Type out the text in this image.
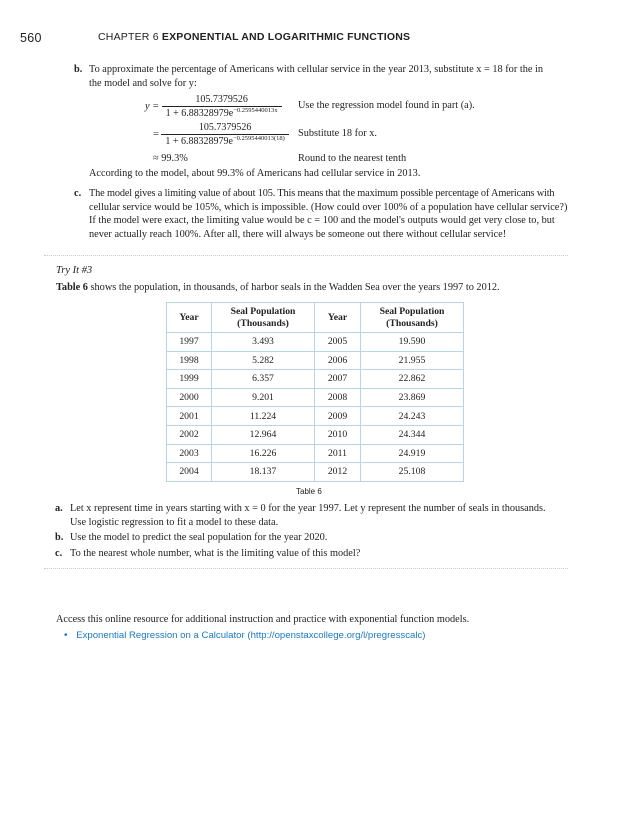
560	CHAPTER 6 EXPONENTIAL AND LOGARITHMIC FUNCTIONS
b. To approximate the percentage of Americans with cellular service in the year 2013, substitute x = 18 for the in
the model and solve for y:
$y = \frac{105.7379526}{1 + 6.88328979e^{-0.2595440013x}}$ Use the regression model found in part (a).
= $\frac{105.7379526}{1 + 6.88328979e^{-0.2595440013(18)}}$ Substitute 18 for x.
≈ 99.3%	Round to the nearest tenth
According to the model, about 99.3% of Americans had cellular service in 2013.
c. The model gives a limiting value of about 105. This means that the maximum possible percentage of Americans with
cellular service would be 105%, which is impossible. (How could over 100% of a population have cellular service?)
If the model were exact, the limiting value would be c = 100 and the model's outputs would get very close to, but
never actually reach 100%. After all, there will always be someone out there without cellular service!
Try It #3
Table 6 shows the population, in thousands, of harbor seals in the Wadden Sea over the years 1997 to 2012.
Year	Seal Population (Thousands)	Year	Seal Population (Thousands)
1997	3.493	2005	19.590
1998	5.282	2006	21.955
1999	6.357	2007	22.862
2000	9.201	2008	23.869
2001	11.224	2009	24.243
2002	12.964	2010	24.344
2003	16.226	2011	24.919
2004	18.137	2012	25.108
Table 6
a. Let x represent time in years starting with x = 0 for the year 1997. Let y represent the number of seals in thousands.
Use logistic regression to fit a model to these data.
b. Use the model to predict the seal population for the year 2020.
c. To the nearest whole number, what is the limiting value of this model?
Access this online resource for additional instruction and practice with exponential function models.
• Exponential Regression on a Calculator (http://openstaxcollege.org/l/pregresscalc)
